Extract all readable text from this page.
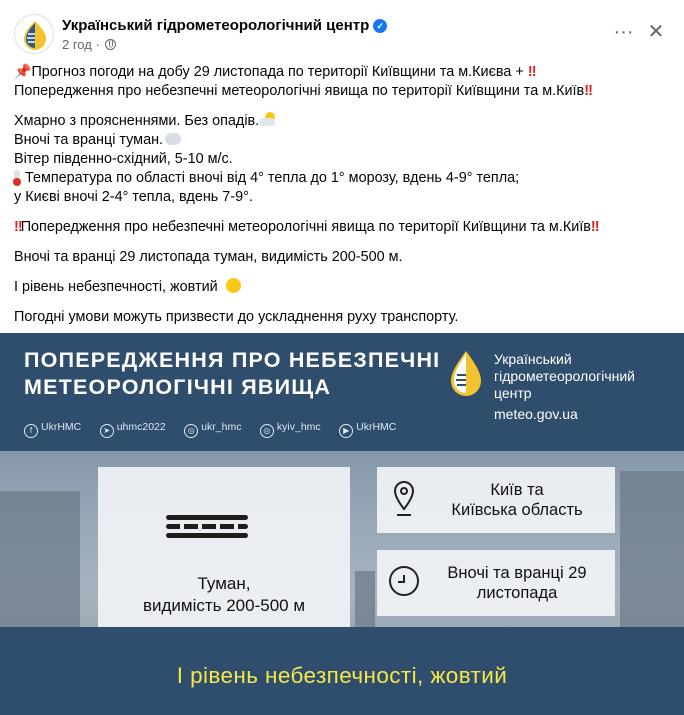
Український гідрометеорологічний центр ✓
2 год ·
··· ✕

📌Прогноз погоди на добу 29 листопада по території Київщини та м.Києва + ‼

Попередження про небезпечні метеорологічні явища по території Київщини та м.Київ‼

Хмарно з проясненнями. Без опадів.

Вночі та вранці туман.

Вітер південно-східний, 5-10 м/с.

Температура по області вночі від 4° тепла до 1° морозу, вдень 4-9° тепла;

у Києві вночі 2-4° тепла, вдень 7-9°.

‼Попередження про небезпечні метеорологічні явища по території Київщини та м.Київ‼

Вночі та вранці 29 листопада туман, видимість 200-500 м.

І рівень небезпечності, жовтий

Погодні умови можуть призвести до ускладнення руху транспорту.

ПОПЕРЕДЖЕННЯ ПРО НЕБЕЗПЕЧНІ
МЕТЕОРОЛОГІЧНІ ЯВИЩА
Український
гідрометеорологічний
центр
meteo.gov.ua
f UkrHMC	➤ uhmc2022	◎ ukr_hmc	◎ kyiv_hmc	▶ UkrHMC
Туман,
видимість 200-500 м
Київ та
Київська область
Вночі та вранці 29
листопада
І рівень небезпечності, жовтий
